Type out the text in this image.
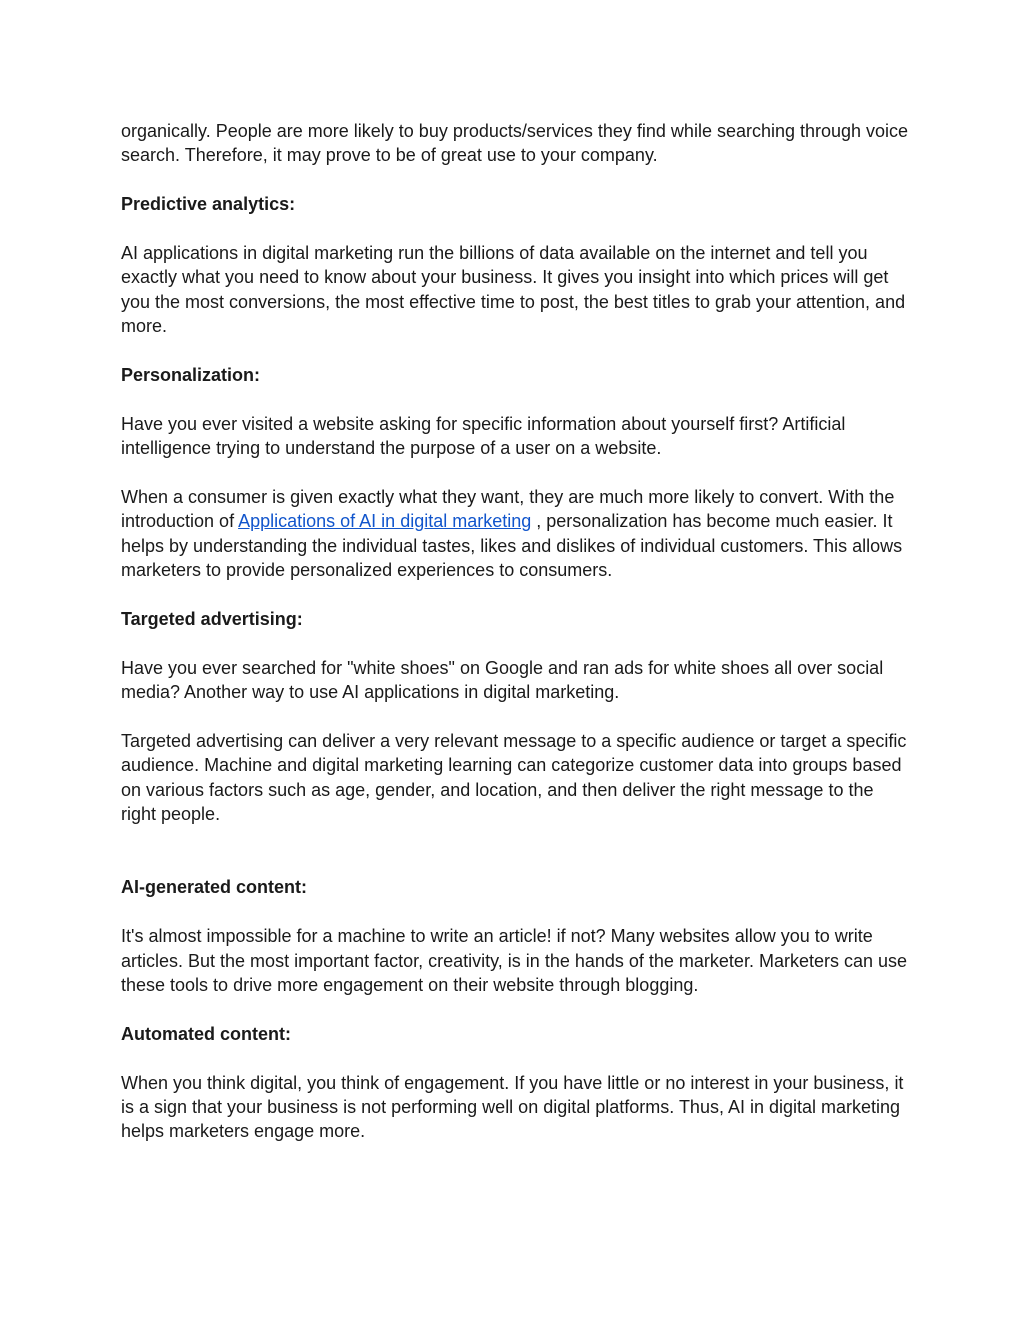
organically. People are more likely to buy products/services they find while searching through voice search. Therefore, it may prove to be of great use to your company.

Predictive analytics:

AI applications in digital marketing run the billions of data available on the internet and tell you exactly what you need to know about your business. It gives you insight into which prices will get you the most conversions, the most effective time to post, the best titles to grab your attention, and more.

Personalization:

Have you ever visited a website asking for specific information about yourself first? Artificial intelligence trying to understand the purpose of a user on a website.

When a consumer is given exactly what they want, they are much more likely to convert. With the introduction of Applications of AI in digital marketing , personalization has become much easier. It helps by understanding the individual tastes, likes and dislikes of individual customers. This allows marketers to provide personalized experiences to consumers.

Targeted advertising:

Have you ever searched for "white shoes" on Google and ran ads for white shoes all over social media? Another way to use AI applications in digital marketing.

Targeted advertising can deliver a very relevant message to a specific audience or target a specific audience. Machine and digital marketing learning can categorize customer data into groups based on various factors such as age, gender, and location, and then deliver the right message to the right people.

AI-generated content:

It's almost impossible for a machine to write an article! if not? Many websites allow you to write articles. But the most important factor, creativity, is in the hands of the marketer. Marketers can use these tools to drive more engagement on their website through blogging.

Automated content:

When you think digital, you think of engagement. If you have little or no interest in your business, it is a sign that your business is not performing well on digital platforms. Thus, AI in digital marketing helps marketers engage more.
